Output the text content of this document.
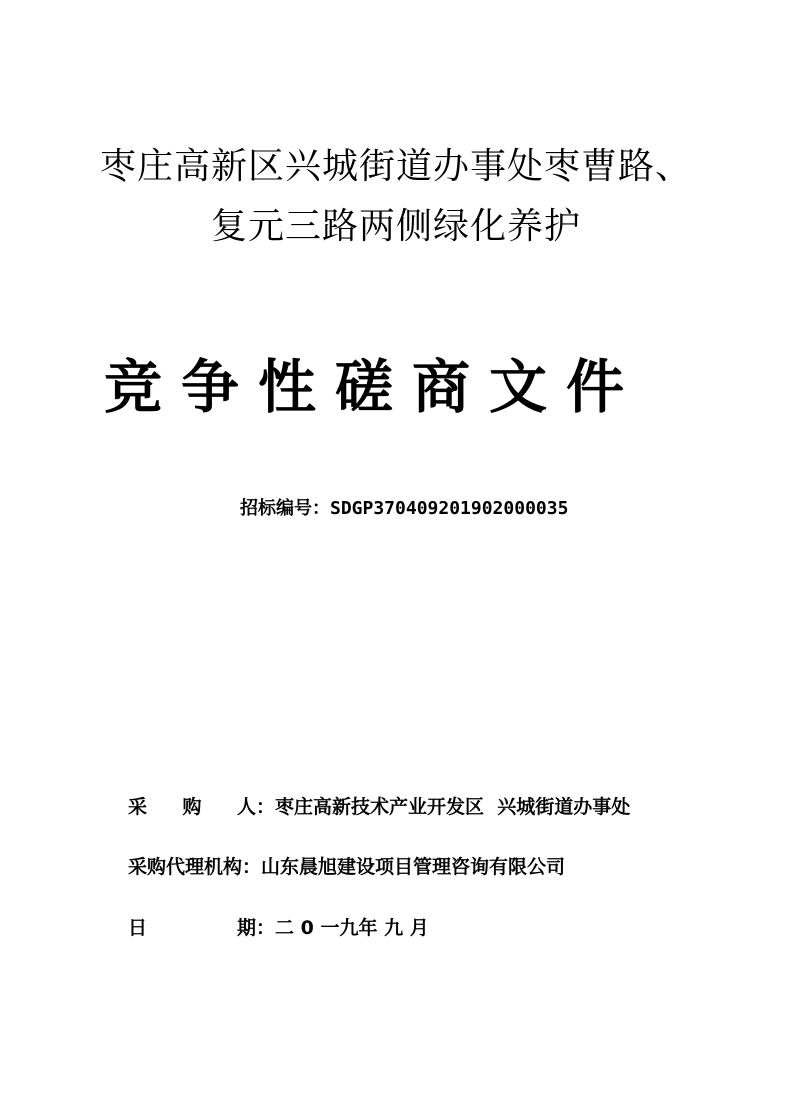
枣庄高新区兴城街道办事处枣曹路、
复元三路两侧绿化养护
竞争性磋商文件
招标编号：SDGP370409201902000035
采 购 人 ：枣庄高新技术产业开发区  兴城街道办事处
采购代理机构：山东晨旭建设项目管理咨询有限公司
日	期 ：二 0 一九年 九 月
